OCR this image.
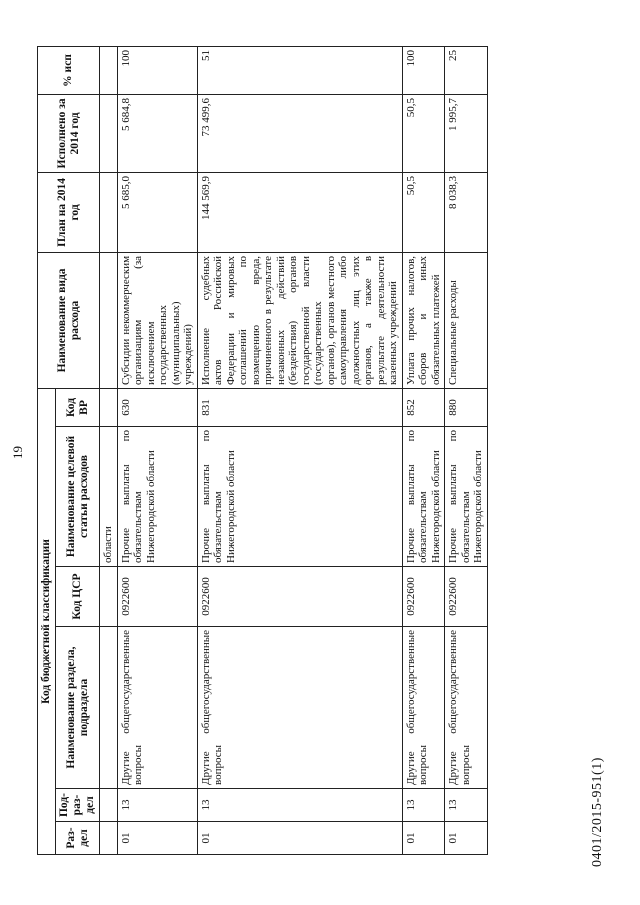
19
Код бюджетной классификации						Наименование вида расхода	План на 2014 год	Исполнено за 2014 год	% исп
Раз-дел	Под-раз-дел	Наименование раздела, подраздела	Код ЦСР	Наименование целевой статьи расходов	Код ВР				
				области					
01	13	Другие общегосударственные вопросы	0922600	Прочие выплаты по обязательствам Нижегородской области	630	Субсидии некоммерческим организациям (за исключением государственных (муниципальных) учреждений)	5 685,0	5 684,8	100
01	13	Другие общегосударственные вопросы	0922600	Прочие выплаты по обязательствам Нижегородской области	831	Исполнение судебных актов Российской Федерации и мировых соглашений по возмещению вреда, причиненного в результате незаконных действий (бездействия) органов государственной власти (государственных органов), органов местного самоуправления либо должностных лиц этих органов, а также в результате деятельности казенных учреждений	144 569,9	73 499,6	51
01	13	Другие общегосударственные вопросы	0922600	Прочие выплаты по обязательствам Нижегородской области	852	Уплата прочих налогов, сборов и иных обязательных платежей	50,5	50,5	100
01	13	Другие общегосударственные вопросы	0922600	Прочие выплаты по обязательствам Нижегородской области	880	Специальные расходы	8 038,3	1 995,7	25
0401/2015-951(1)
